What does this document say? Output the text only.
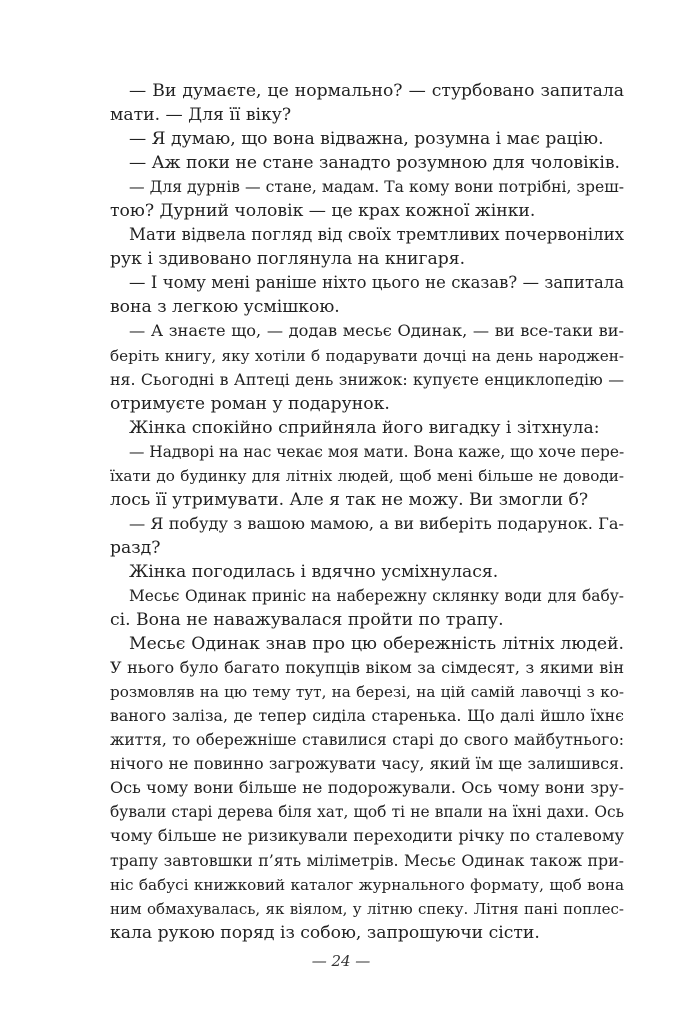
— Ви думаєте, це нормально? — стурбовано запитала
мати. — Для її віку?
— Я думаю, що вона відважна, розумна і має рацію.
— Аж поки не стане занадто розумною для чоловіків.
— Для дурнів — стане, мадам. Та кому вони потрібні, зреш-
тою? Дурний чоловік — це крах кожної жінки.
Мати відвела погляд від своїх тремтливих почервонілих
рук і здивовано поглянула на книгаря.
— І чому мені раніше ніхто цього не сказав? — запитала
вона з легкою усмішкою.
— А знаєте що, — додав месьє Одинак, — ви все-таки ви-
беріть книгу, яку хотіли б подарувати дочці на день народжен-
ня. Сьогодні в Аптеці день знижок: купуєте енциклопедію —
отримуєте роман у подарунок.
Жінка спокійно сприйняла його вигадку і зітхнула:
— Надворі на нас чекає моя мати. Вона каже, що хоче пере-
їхати до будинку для літніх людей, щоб мені більше не доводи-
лось її утримувати. Але я так не можу. Ви змогли б?
— Я побуду з вашою мамою, а ви виберіть подарунок. Га-
разд?
Жінка погодилась і вдячно усміхнулася.
Месьє Одинак приніс на набережну склянку води для бабу-
сі. Вона не наважувалася пройти по трапу.
Месьє Одинак знав про цю обережність літніх людей.
У нього було багато покупців віком за сімдесят, з якими він
розмовляв на цю тему тут, на березі, на цій самій лавочці з ко-
ваного заліза, де тепер сиділа старенька. Що далі йшло їхнє
життя, то обережніше ставилися старі до свого майбутнього:
нічого не повинно загрожувати часу, який їм ще залишився.
Ось чому вони більше не подорожували. Ось чому вони зру-
бували старі дерева біля хат, щоб ті не впали на їхні дахи. Ось
чому більше не ризикували переходити річку по сталевому
трапу завтовшки п’ять міліметрів. Месьє Одинак також при-
ніс бабусі книжковий каталог журнального формату, щоб вона
ним обмахувалась, як віялом, у літню спеку. Літня пані поплес-
кала рукою поряд із собою, запрошуючи сісти.
— 24 —
